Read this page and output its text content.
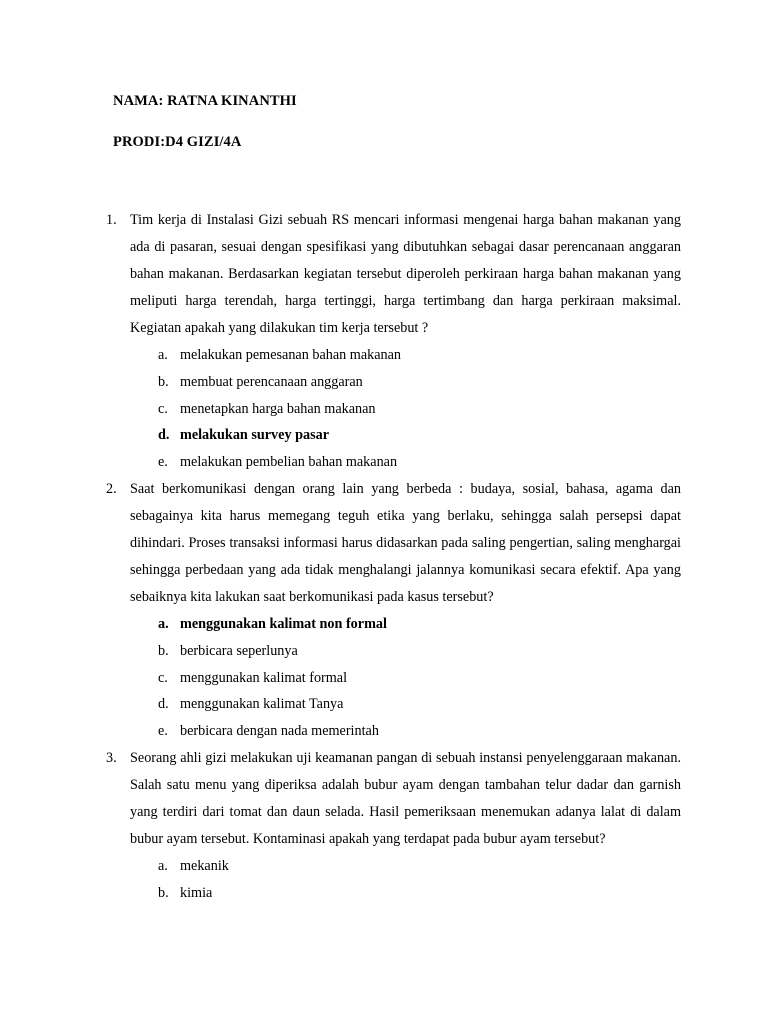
NAMA: RATNA KINANTHI
PRODI:D4 GIZI/4A
1. Tim kerja di Instalasi Gizi sebuah RS mencari informasi mengenai harga bahan makanan yang ada di pasaran, sesuai dengan spesifikasi yang dibutuhkan sebagai dasar perencanaan anggaran bahan makanan. Berdasarkan kegiatan tersebut diperoleh perkiraan harga bahan makanan yang meliputi harga terendah, harga tertinggi, harga tertimbang dan harga perkiraan maksimal. Kegiatan apakah yang dilakukan tim kerja tersebut ?
a. melakukan pemesanan bahan makanan
b. membuat perencanaan anggaran
c. menetapkan harga bahan makanan
d. melakukan survey pasar
e. melakukan pembelian bahan makanan
2. Saat berkomunikasi dengan orang lain yang berbeda : budaya, sosial, bahasa, agama dan sebagainya kita harus memegang teguh etika yang berlaku, sehingga salah persepsi dapat dihindari. Proses transaksi informasi harus didasarkan pada saling pengertian, saling menghargai sehingga perbedaan yang ada tidak menghalangi jalannya komunikasi secara efektif. Apa yang sebaiknya kita lakukan saat berkomunikasi pada kasus tersebut?
a. menggunakan kalimat non formal
b. berbicara seperlunya
c. menggunakan kalimat formal
d. menggunakan kalimat Tanya
e. berbicara dengan nada memerintah
3. Seorang ahli gizi melakukan uji keamanan pangan di sebuah instansi penyelenggaraan makanan. Salah satu menu yang diperiksa adalah bubur ayam dengan tambahan telur dadar dan garnish yang terdiri dari tomat dan daun selada. Hasil pemeriksaan menemukan adanya lalat di dalam bubur ayam tersebut. Kontaminasi apakah yang terdapat pada bubur ayam tersebut?
a. mekanik
b. kimia
